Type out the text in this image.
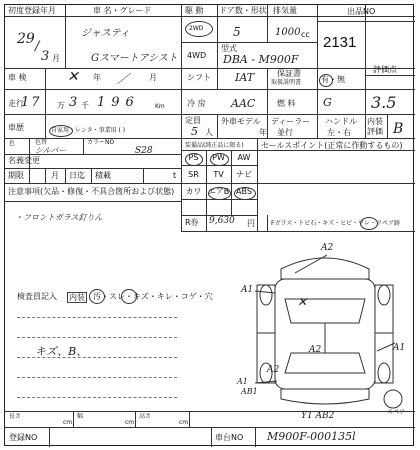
初度登録年月
29 /
3 月
車 名・グレード
ジャスティ
Gスマートアシスト
駆 動
2WD
4WD
ドア数・形状
5
排気量
1000 cc
型式
DBA - M900F
出品NO
2131
車 検	✕ 年 ／ 月	シフト IAT	保証書
取扱説明書 有・無
評価点
3.5
走行
17 万 3 千 196	Km	冷 房 AAC	燃 料 G
車歴	自家用・レンタ・事業用 ( )
定員
5 人
外車モデル
年
ディーラー
並行
ハンドル
左・右
内装
評価 B
色	色替
シルバー
カラーNO
S28
名義変更
期限	月 日迄 積載	t
装備品(純正品に限る) セールスポイント(正常に作動するもの)
PS	PW	AW
SR	TV	ナビ
カワ エアB ABS
R券 9,630 円	Fガラス・トビ石・キズ・ヒビ・ワレ・リペア跡
注意事項(欠品・修復・不具合箇所および状態)
・フロントガラス釘りん
検査員記入 内装 汚・スレ・キズ・キレ・コゲ・穴
キズ、B、
A2
A1
✕
A1
A2
A1
AB1
A2
Y1 AB2	スペア
長さ
cm
幅
cm
高さ
cm
登録NO	車台NO M900F-000135l
